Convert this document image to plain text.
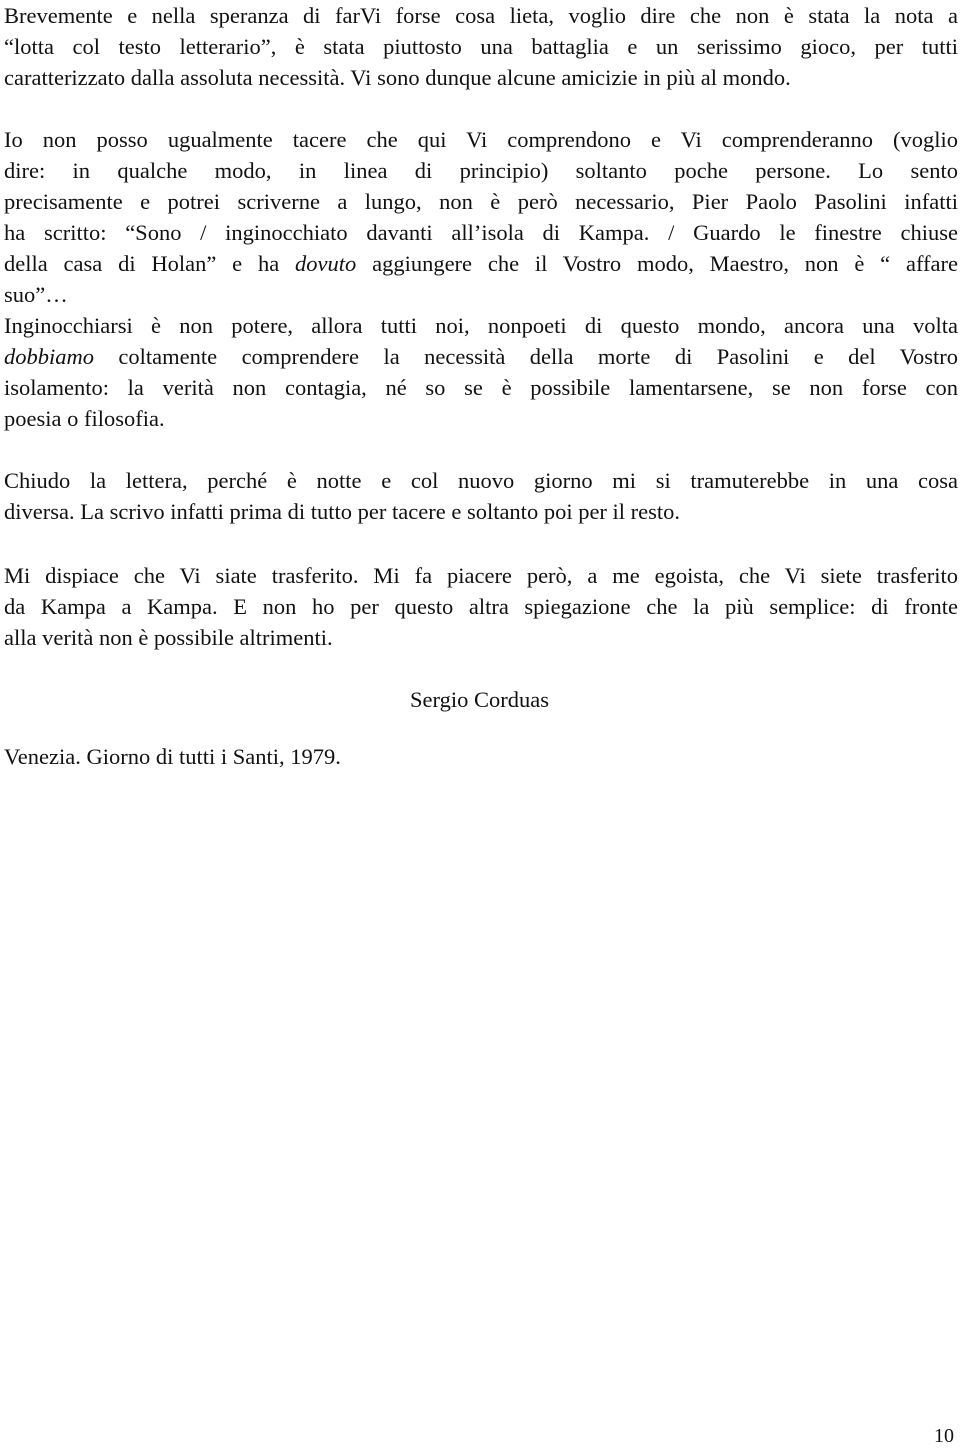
Brevemente e nella speranza di farVi forse cosa lieta, voglio dire che non è stata la nota a
“lotta col testo letterario”, è stata piuttosto una battaglia e un serissimo gioco, per tutti
caratterizzato dalla assoluta necessità. Vi sono dunque alcune amicizie in più al mondo.
Io non posso ugualmente tacere che qui Vi comprendono e Vi comprenderanno (voglio
dire: in qualche modo, in linea di principio) soltanto poche persone. Lo sento
precisamente e potrei scriverne a lungo, non è però necessario, Pier Paolo Pasolini infatti
ha scritto: “Sono / inginocchiato davanti all’isola di Kampa. / Guardo le finestre chiuse
della casa di Holan” e ha dovuto aggiungere che il Vostro modo, Maestro, non è “ affare
suo”…
Inginocchiarsi è non potere, allora tutti noi, nonpoeti di questo mondo, ancora una volta
dobbiamo coltamente comprendere la necessità della morte di Pasolini e del Vostro
isolamento: la verità non contagia, né so se è possibile lamentarsene, se non forse con
poesia o filosofia.
Chiudo la lettera, perché è notte e col nuovo giorno mi si tramuterebbe in una cosa
diversa. La scrivo infatti prima di tutto per tacere e soltanto poi per il resto.
Mi dispiace che Vi siate trasferito. Mi fa piacere però, a me egoista, che Vi siete trasferito
da Kampa a Kampa. E non ho per questo altra spiegazione che la più semplice: di fronte
alla verità non è possibile altrimenti.

Sergio Corduas

Venezia. Giorno di tutti i Santi, 1979.

10
